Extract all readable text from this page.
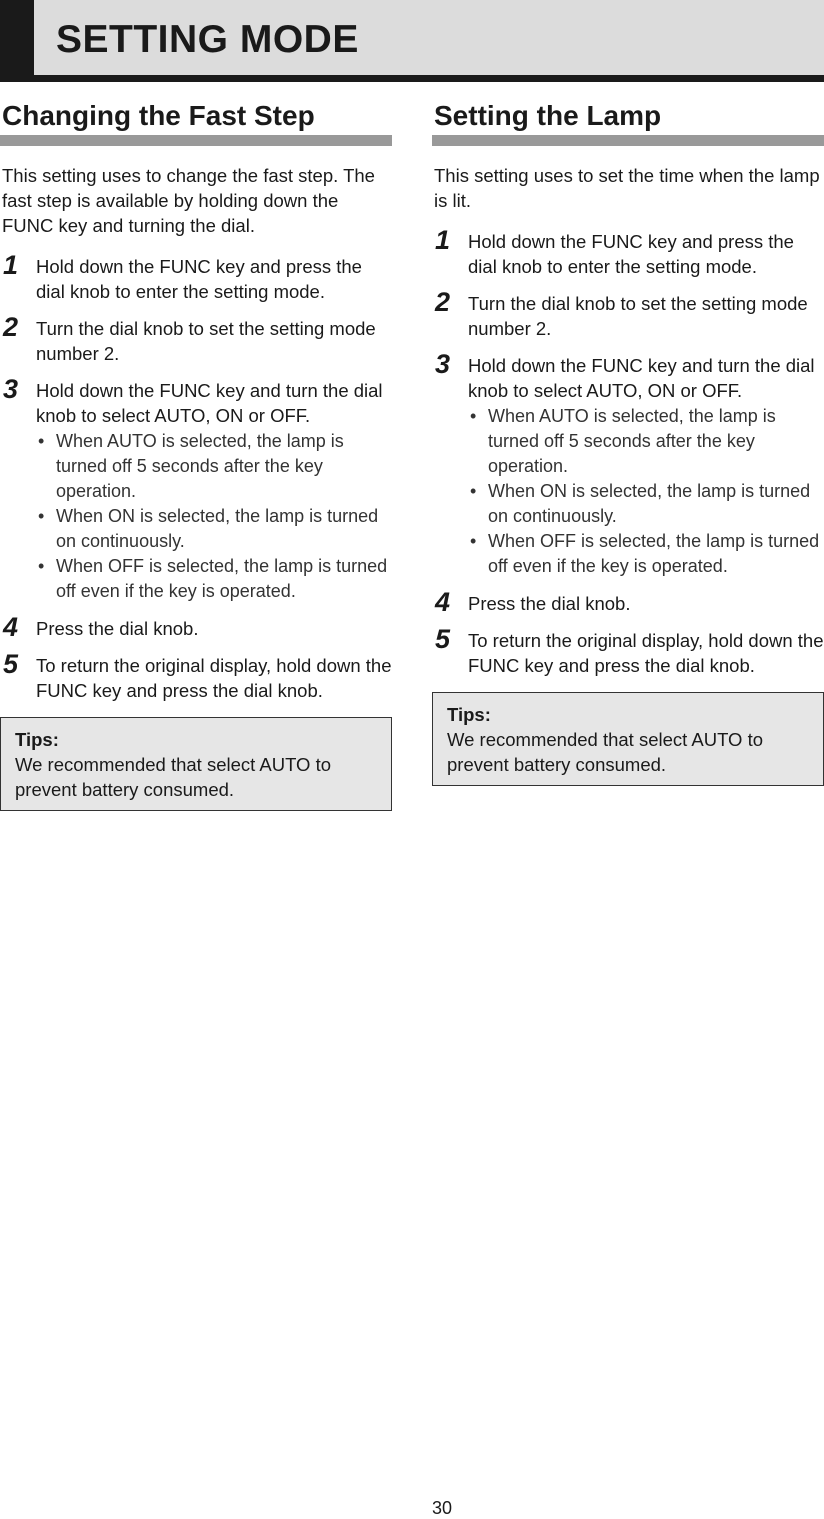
SETTING MODE
Changing the Fast Step

This setting uses to change the fast step. The fast step is available by holding down the FUNC key and turning the dial.

1 Hold down the FUNC key and press the dial knob to enter the setting mode.
2 Turn the dial knob to set the setting mode number 2.
3 Hold down the FUNC key and turn the dial knob to select AUTO, ON or OFF.
• When AUTO is selected, the lamp is turned off 5 seconds after the key operation.
• When ON is selected, the lamp is turned on continuously.
• When OFF is selected, the lamp is turned off even if the key is operated.
4 Press the dial knob.
5 To return the original display, hold down the FUNC key and press the dial knob.
Tips:
We recommended that select AUTO to prevent battery consumed.
Setting the Lamp

This setting uses to set the time when the lamp is lit.

1 Hold down the FUNC key and press the dial knob to enter the setting mode.
2 Turn the dial knob to set the setting mode number 2.
3 Hold down the FUNC key and turn the dial knob to select AUTO, ON or OFF.
• When AUTO is selected, the lamp is turned off 5 seconds after the key operation.
• When ON is selected, the lamp is turned on continuously.
• When OFF is selected, the lamp is turned off even if the key is operated.
4 Press the dial knob.
5 To return the original display, hold down the FUNC key and press the dial knob.
Tips:
We recommended that select AUTO to prevent battery consumed.
30
